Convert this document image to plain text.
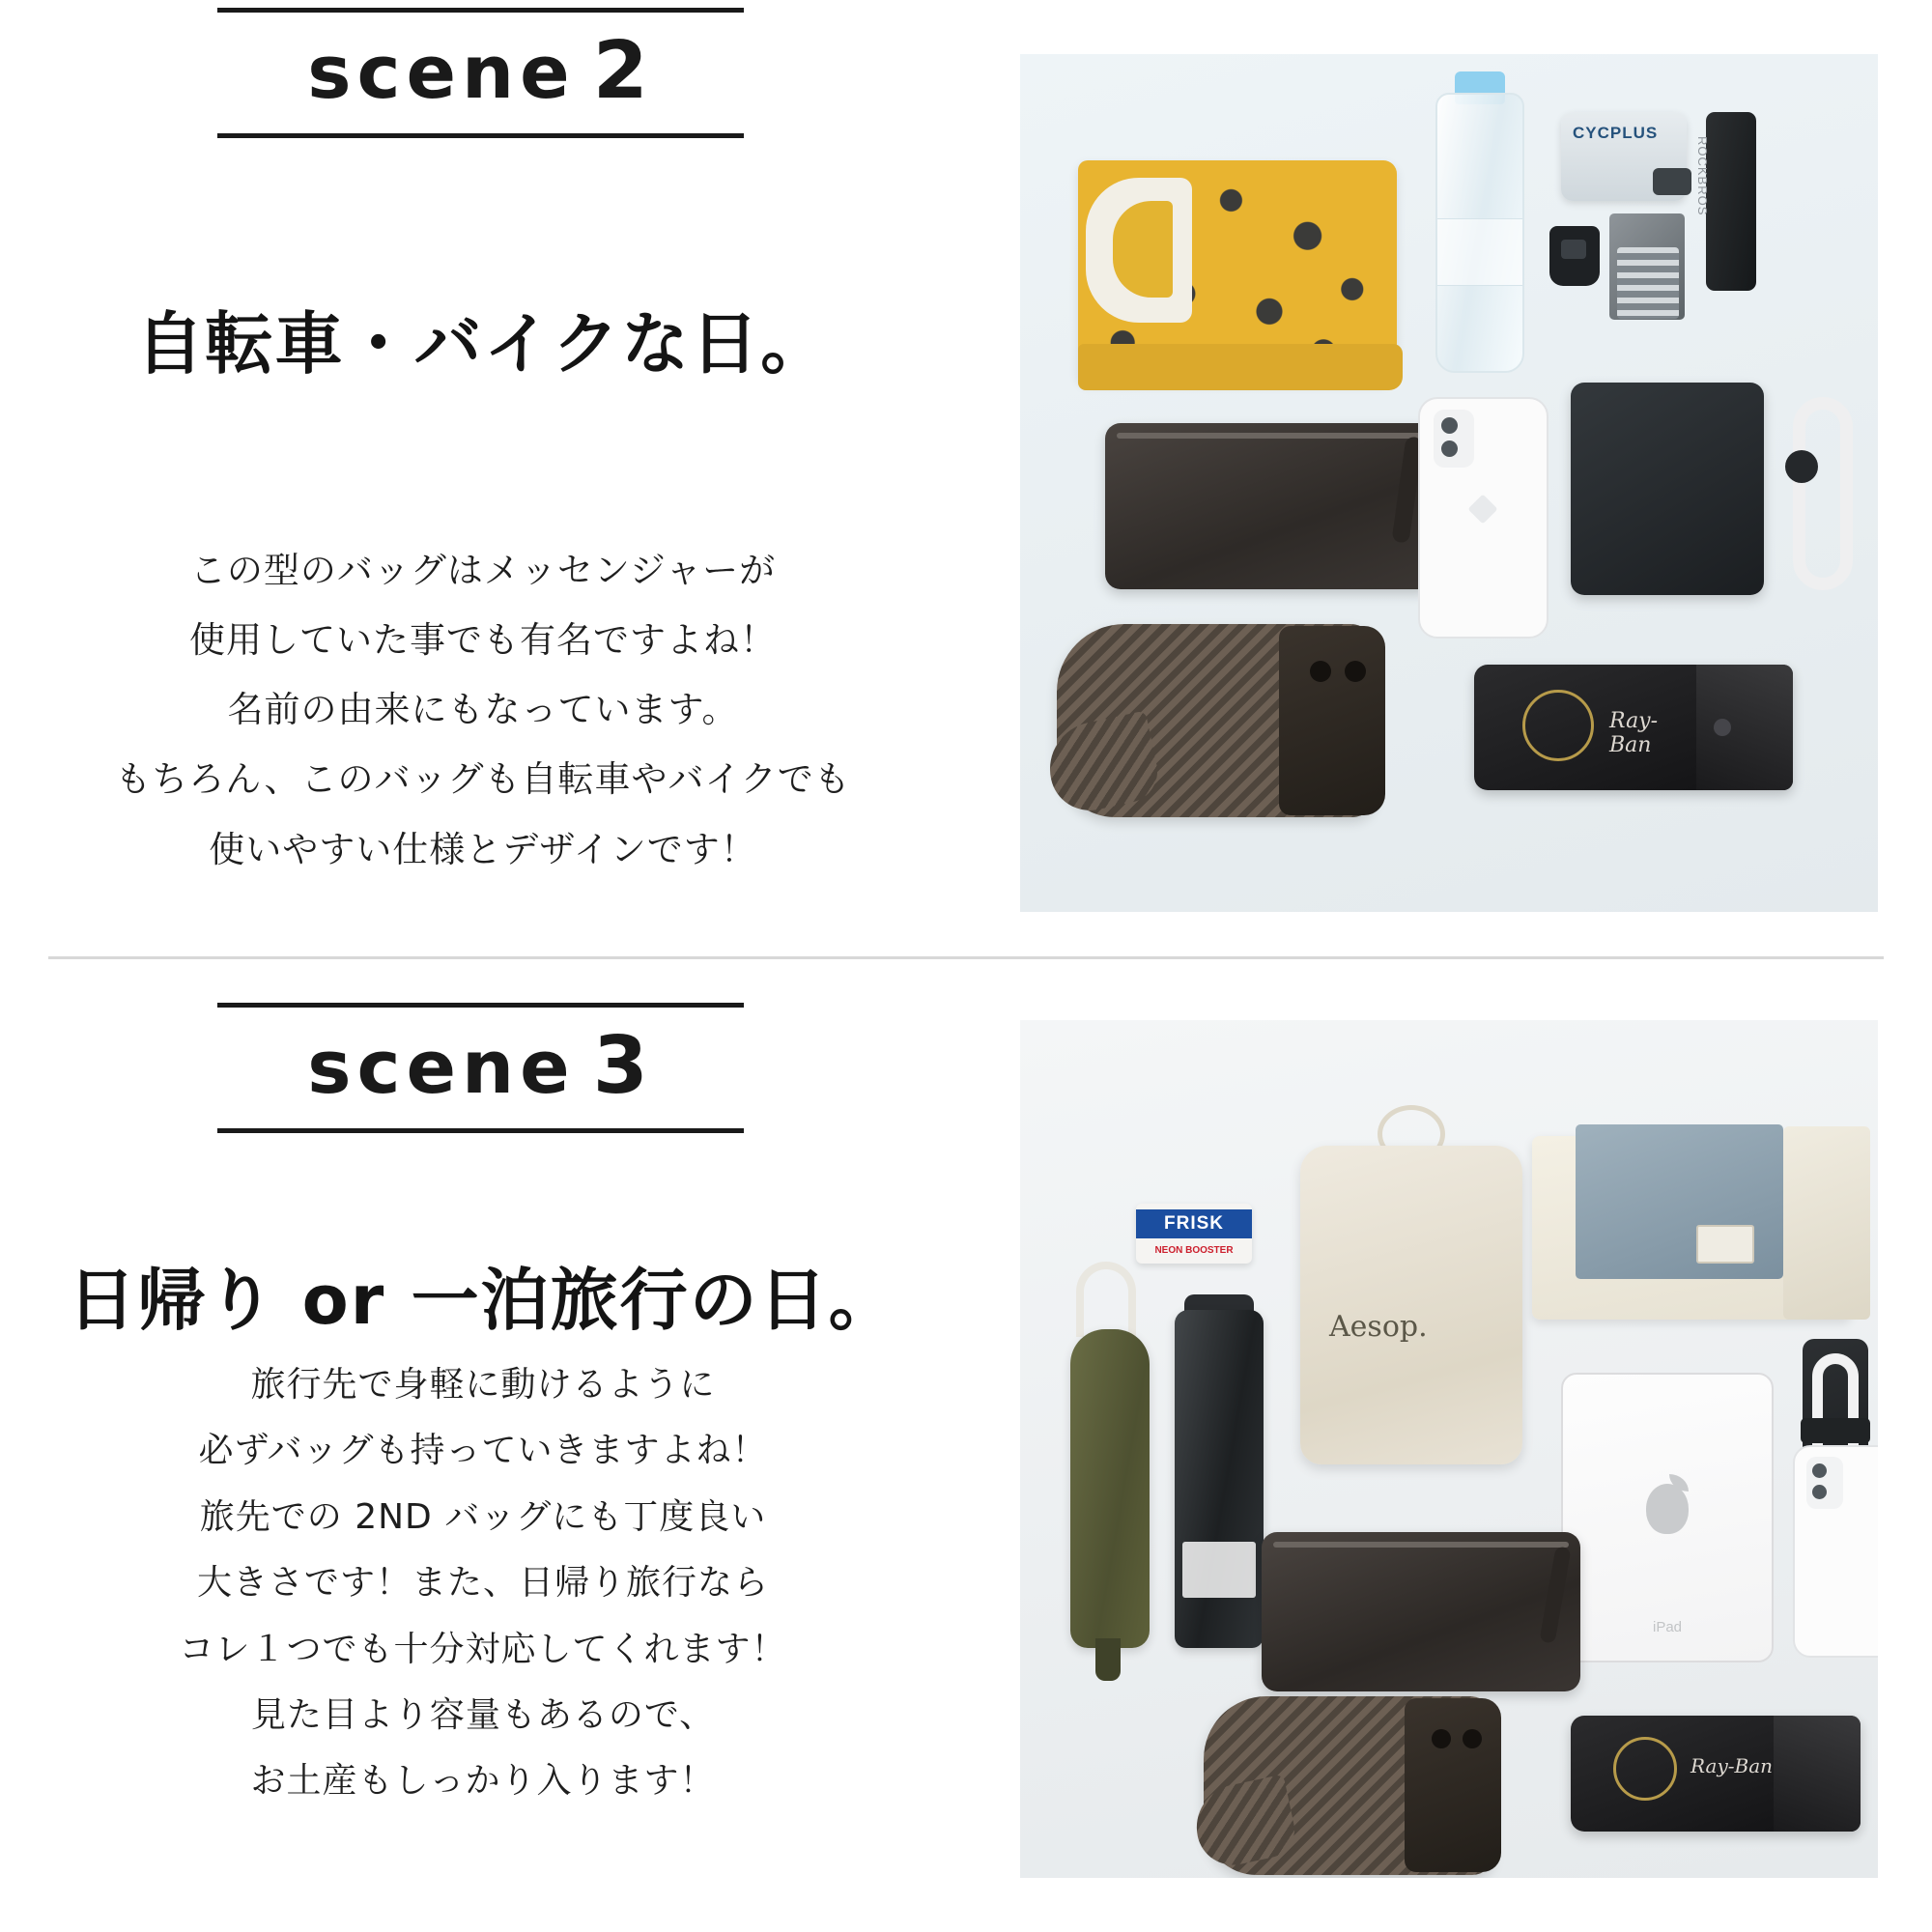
scene 2
自転車・バイクな日。

この型のバッグはメッセンジャーが

使用していた事でも有名ですよね！

名前の由来にもなっています。

もちろん、このバッグも自転車やバイクでも

使いやすい仕様とデザインです！

CYCPLUS
ROCKBROS
Ray-Ban
scene 3
日帰り or 一泊旅行の日。

旅行先で身軽に動けるように

必ずバッグも持っていきますよね！

旅先での 2ND バッグにも丁度良い

大きさです！また、日帰り旅行なら

コレ１つでも十分対応してくれます！

見た目より容量もあるので、

お土産もしっかり入ります！

FRISK
NEON BOOSTER
Aesop.
iPad
Ray-Ban
